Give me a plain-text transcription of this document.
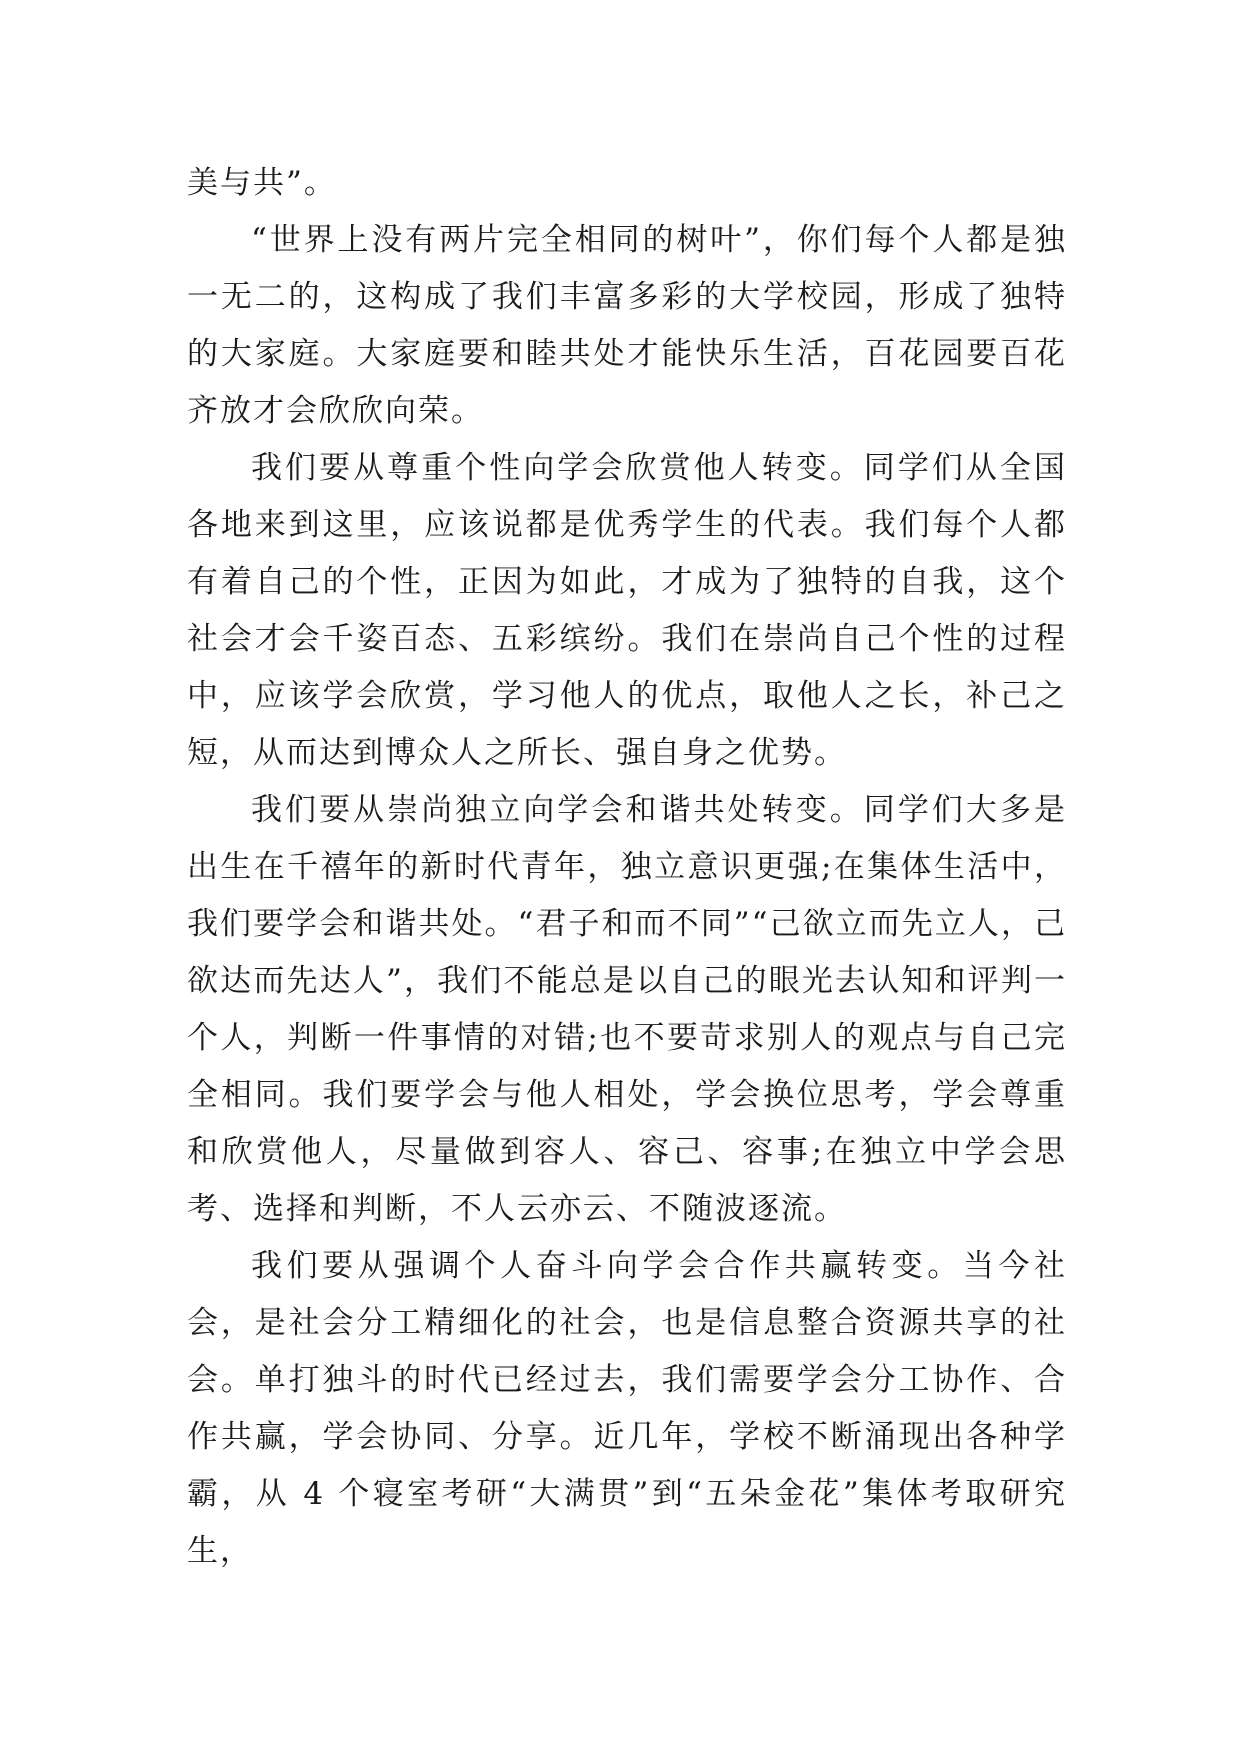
美与共”。

“世界上没有两片完全相同的树叶”，你们每个人都是独一无二的，这构成了我们丰富多彩的大学校园，形成了独特的大家庭。大家庭要和睦共处才能快乐生活，百花园要百花齐放才会欣欣向荣。

我们要从尊重个性向学会欣赏他人转变。同学们从全国各地来到这里，应该说都是优秀学生的代表。我们每个人都有着自己的个性，正因为如此，才成为了独特的自我，这个社会才会千姿百态、五彩缤纷。我们在崇尚自己个性的过程中，应该学会欣赏，学习他人的优点，取他人之长，补己之短，从而达到博众人之所长、强自身之优势。

我们要从崇尚独立向学会和谐共处转变。同学们大多是出生在千禧年的新时代青年，独立意识更强;在集体生活中，我们要学会和谐共处。“君子和而不同”“己欲立而先立人，己欲达而先达人”，我们不能总是以自己的眼光去认知和评判一个人，判断一件事情的对错;也不要苛求别人的观点与自己完全相同。我们要学会与他人相处，学会换位思考，学会尊重和欣赏他人，尽量做到容人、容己、容事;在独立中学会思考、选择和判断，不人云亦云、不随波逐流。

我们要从强调个人奋斗向学会合作共赢转变。当今社会，是社会分工精细化的社会，也是信息整合资源共享的社会。单打独斗的时代已经过去，我们需要学会分工协作、合作共赢，学会协同、分享。近几年，学校不断涌现出各种学霸，从 4 个寝室考研“大满贯”到“五朵金花”集体考取研究生，
